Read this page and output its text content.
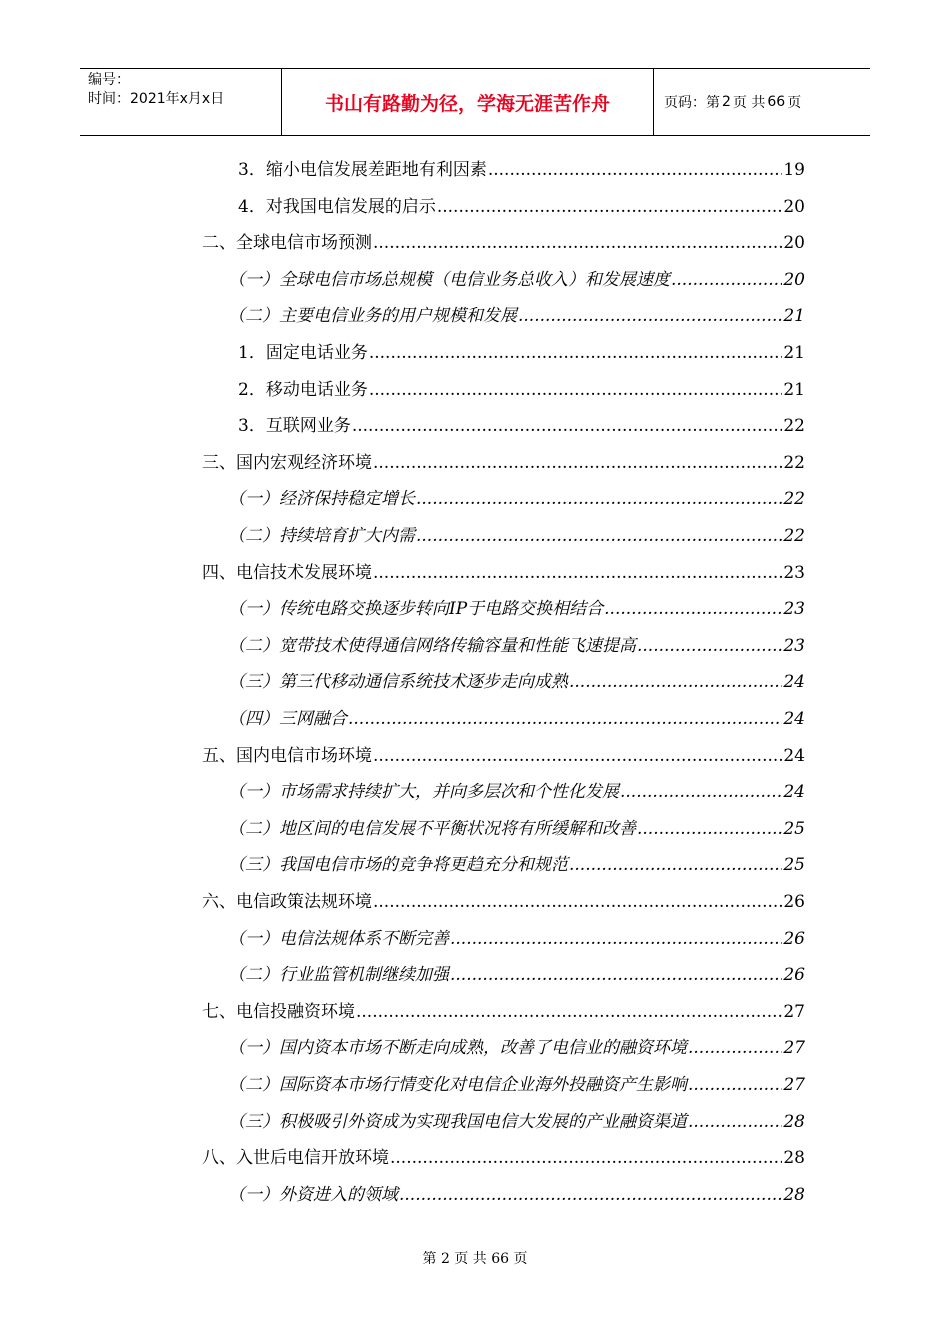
编号：
时间：2021年x月x日	书山有路勤为径，学海无涯苦作舟	页码：第 2 页 共 66 页
3．缩小电信发展差距地有利因素 .....	19
4．对我国电信发展的启示 .....	20
二、全球电信市场预测 .....	20
（一）全球电信市场总规模（电信业务总收入）和发展速度 .....	20
（二）主要电信业务的用户规模和发展 .....	21
1．固定电话业务 .....	21
2．移动电话业务 .....	21
3．互联网业务 .....	22
三、国内宏观经济环境 .....	22
（一）经济保持稳定增长 .....	22
（二）持续培育扩大内需 .....	22
四、电信技术发展环境 .....	23
（一）传统电路交换逐步转向IP于电路交换相结合 .....	23
（二）宽带技术使得通信网络传输容量和性能飞速提高 .....	23
（三）第三代移动通信系统技术逐步走向成熟 .....	24
（四）三网融合 .....	24
五、国内电信市场环境 .....	24
（一）市场需求持续扩大，并向多层次和个性化发展 .....	24
（二）地区间的电信发展不平衡状况将有所缓解和改善 .....	25
（三）我国电信市场的竞争将更趋充分和规范 .....	25
六、电信政策法规环境 .....	26
（一）电信法规体系不断完善 .....	26
（二）行业监管机制继续加强 .....	26
七、电信投融资环境 .....	27
（一）国内资本市场不断走向成熟，改善了电信业的融资环境 .....	27
（二）国际资本市场行情变化对电信企业海外投融资产生影响 .....	27
（三）积极吸引外资成为实现我国电信大发展的产业融资渠道 .....	28
八、入世后电信开放环境 .....	28
（一）外资进入的领域 .....	28
第 2 页 共 66 页
